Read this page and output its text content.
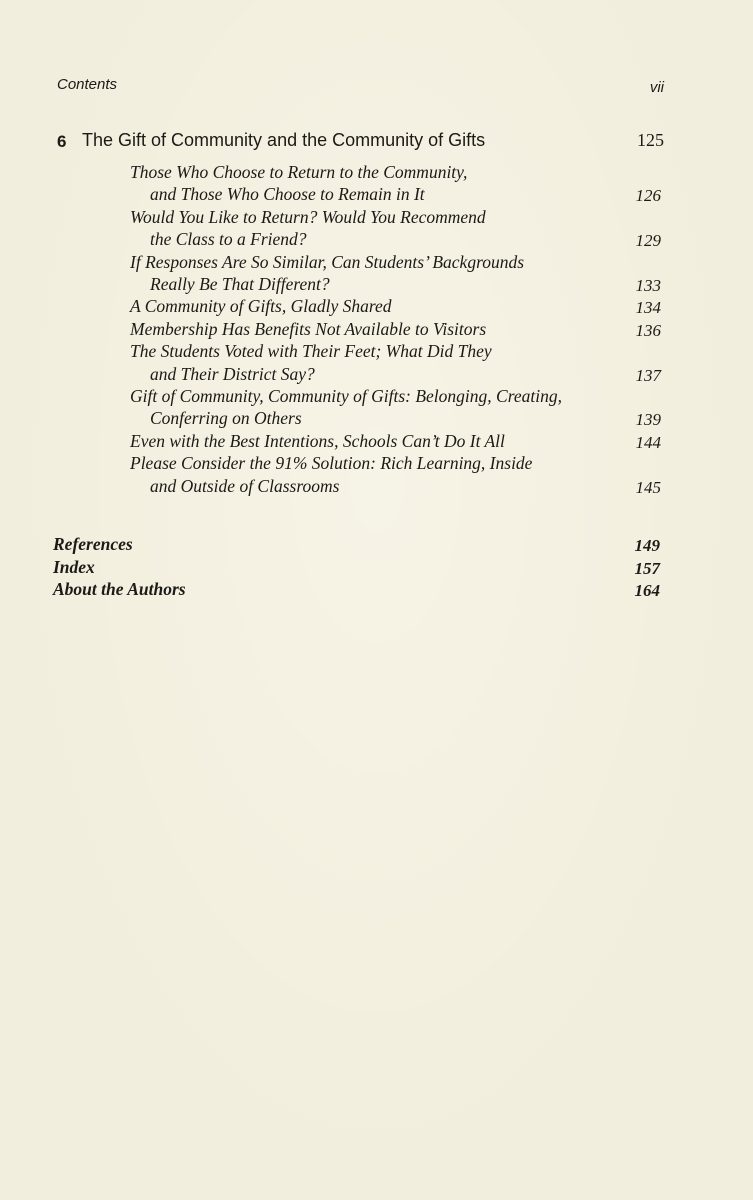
Contents	vii
6 The Gift of Community and the Community of Gifts	125
Those Who Choose to Return to the Community,
and Those Who Choose to Remain in It	126
Would You Like to Return? Would You Recommend
the Class to a Friend?	129
If Responses Are So Similar, Can Students’ Backgrounds
Really Be That Different?	133
A Community of Gifts, Gladly Shared	134
Membership Has Benefits Not Available to Visitors	136
The Students Voted with Their Feet; What Did They
and Their District Say?	137
Gift of Community, Community of Gifts: Belonging, Creating,
Conferring on Others	139
Even with the Best Intentions, Schools Can’t Do It All	144
Please Consider the 91% Solution: Rich Learning, Inside
and Outside of Classrooms	145
References	149
Index	157
About the Authors	164
